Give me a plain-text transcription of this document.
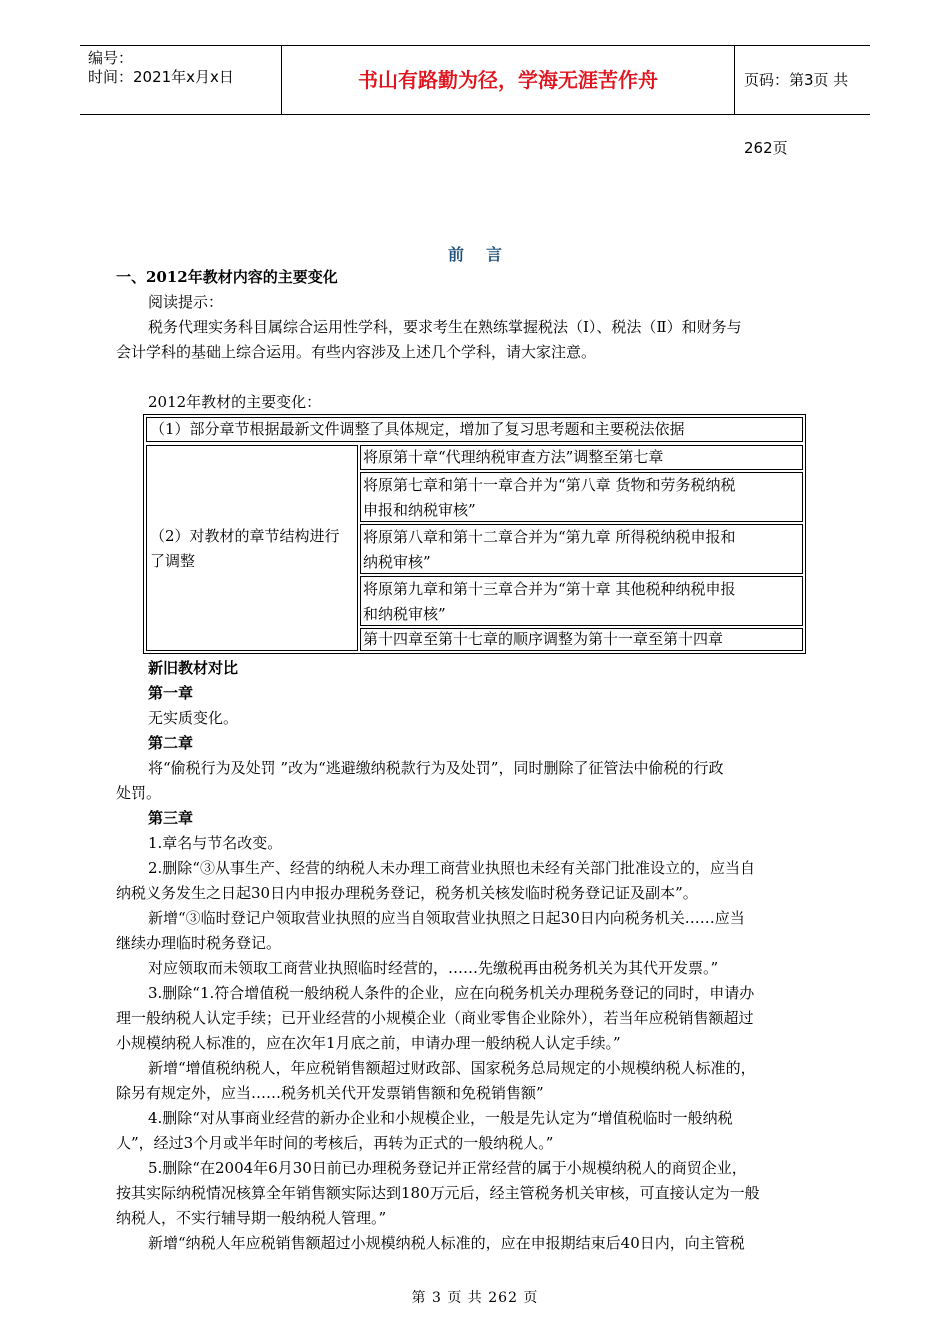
编号：
时间：2021年x月x日	书山有路勤为径，学海无涯苦作舟	页码：第3页 共262页
前言
一、2012年教材内容的主要变化
阅读提示：
税务代理实务科目属综合运用性学科，要求考生在熟练掌握税法（Ⅰ）、税法（Ⅱ）和财务与
会计学科的基础上综合运用。有些内容涉及上述几个学科，请大家注意。
2012年教材的主要变化：
（1）部分章节根据最新文件调整了具体规定，增加了复习思考题和主要税法依据
（2）对教材的章节结构进行
了调整
将原第十章“代理纳税审查方法”调整至第七章
将原第七章和第十一章合并为“第八章 货物和劳务税纳税
申报和纳税审核”
将原第八章和第十二章合并为“第九章 所得税纳税申报和
纳税审核”
将原第九章和第十三章合并为“第十章 其他税种纳税申报
和纳税审核”
第十四章至第十七章的顺序调整为第十一章至第十四章
新旧教材对比
第一章
无实质变化。
第二章
将“偷税行为及处罚 ”改为“逃避缴纳税款行为及处罚”，同时删除了征管法中偷税的行政
处罚。
第三章
1.章名与节名改变。
2.删除“③从事生产、经营的纳税人未办理工商营业执照也未经有关部门批准设立的，应当自
纳税义务发生之日起30日内申报办理税务登记，税务机关核发临时税务登记证及副本”。
新增“③临时登记户领取营业执照的应当自领取营业执照之日起30日内向税务机关……应当
继续办理临时税务登记。
对应领取而未领取工商营业执照临时经营的，……先缴税再由税务机关为其代开发票。”
3.删除“1.符合增值税一般纳税人条件的企业，应在向税务机关办理税务登记的同时，申请办
理一般纳税人认定手续；已开业经营的小规模企业（商业零售企业除外），若当年应税销售额超过
小规模纳税人标准的，应在次年1月底之前，申请办理一般纳税人认定手续。”
新增“增值税纳税人，年应税销售额超过财政部、国家税务总局规定的小规模纳税人标准的，
除另有规定外，应当……税务机关代开发票销售额和免税销售额”
4.删除“对从事商业经营的新办企业和小规模企业，一般是先认定为“增值税临时一般纳税
人”，经过3个月或半年时间的考核后，再转为正式的一般纳税人。”
5.删除“在2004年6月30日前已办理税务登记并正常经营的属于小规模纳税人的商贸企业，
按其实际纳税情况核算全年销售额实际达到180万元后，经主管税务机关审核，可直接认定为一般
纳税人，不实行辅导期一般纳税人管理。”
新增“纳税人年应税销售额超过小规模纳税人标准的，应在申报期结束后40日内，向主管税
第 3 页 共 262 页
